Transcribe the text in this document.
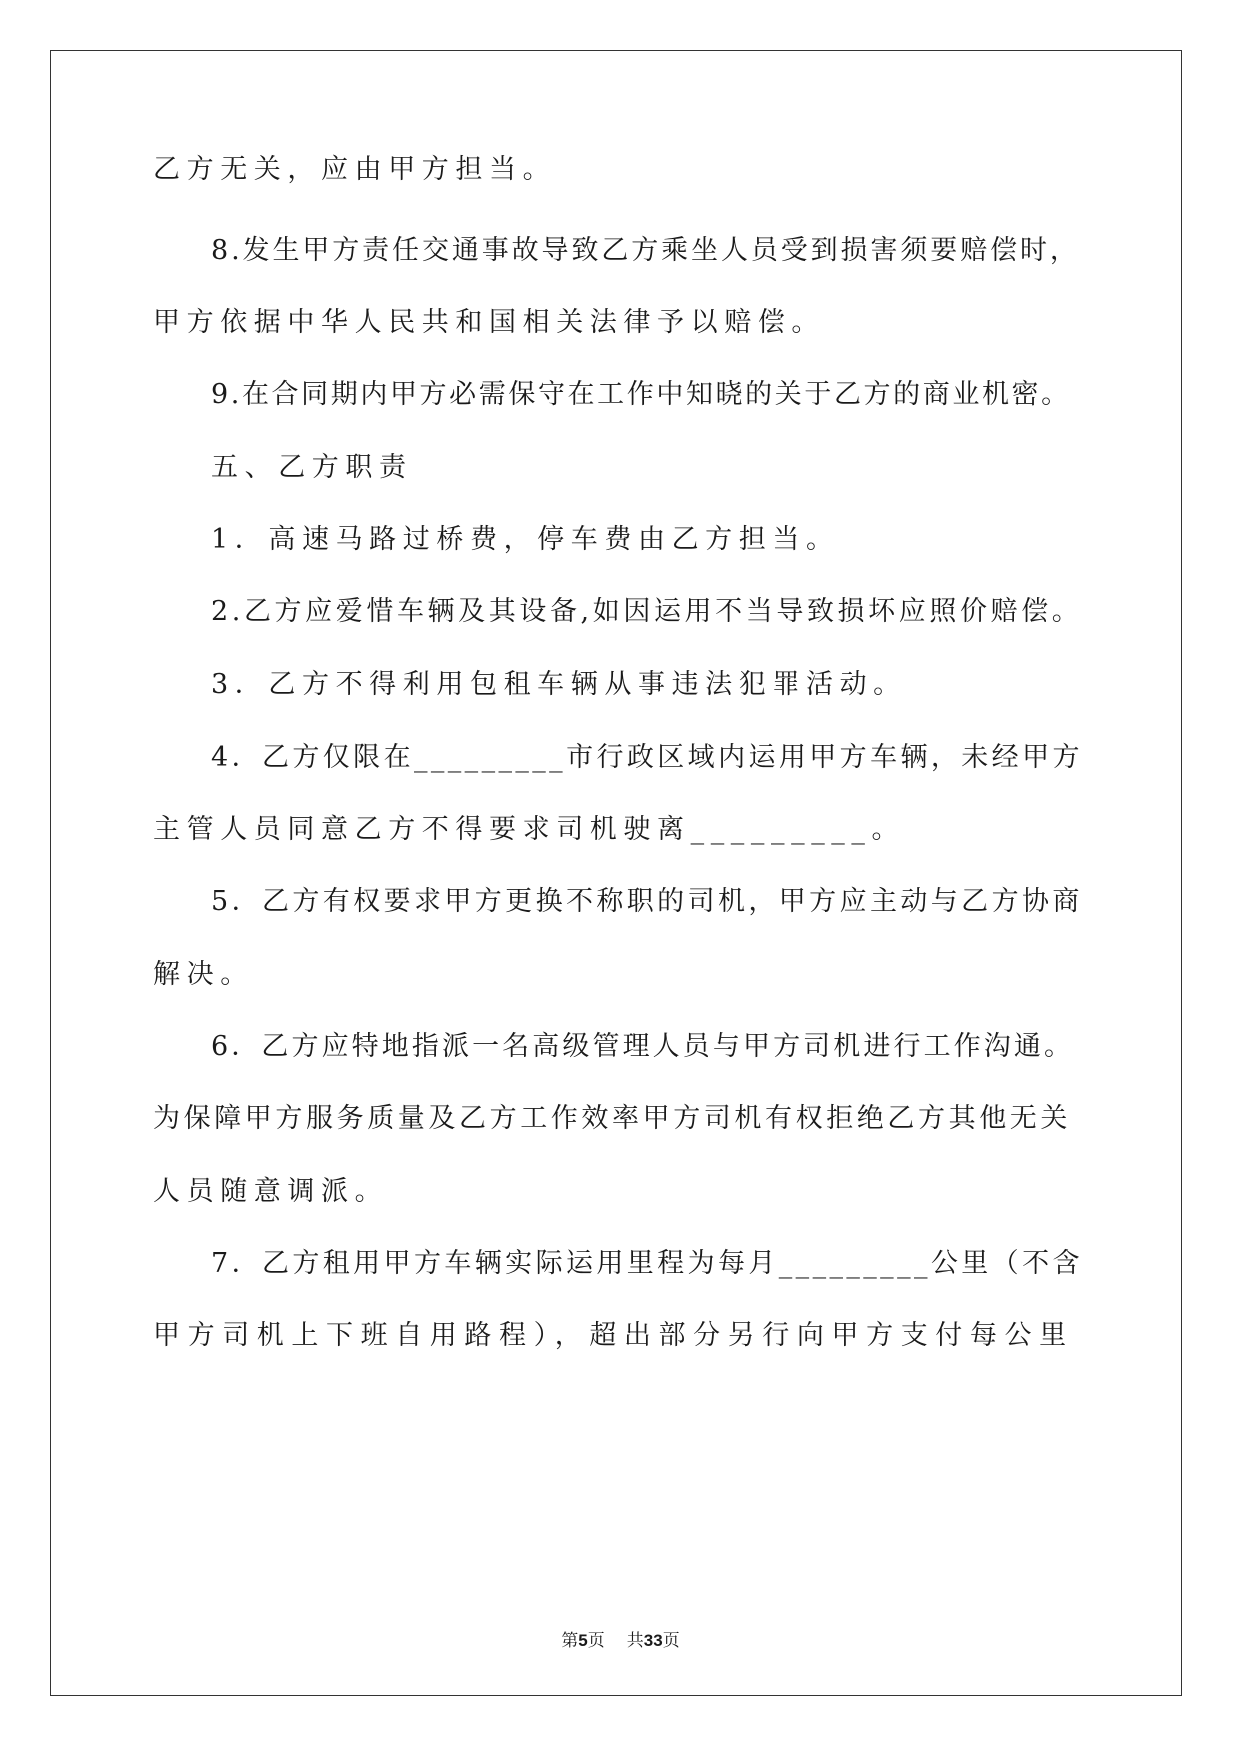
乙方无关，应由甲方担当。
8.发生甲方责任交通事故导致乙方乘坐人员受到损害须要赔偿时，
甲方依据中华人民共和国相关法律予以赔偿。
9.在合同期内甲方必需保守在工作中知晓的关于乙方的商业机密。
五、乙方职责
1．高速马路过桥费，停车费由乙方担当。
2.乙方应爱惜车辆及其设备,如因运用不当导致损坏应照价赔偿。
3．乙方不得利用包租车辆从事违法犯罪活动。
4．乙方仅限在_________市行政区域内运用甲方车辆，未经甲方
主管人员同意乙方不得要求司机驶离_________。
5．乙方有权要求甲方更换不称职的司机，甲方应主动与乙方协商
解决。
6．乙方应特地指派一名高级管理人员与甲方司机进行工作沟通。
为保障甲方服务质量及乙方工作效率甲方司机有权拒绝乙方其他无关
人员随意调派。
7．乙方租用甲方车辆实际运用里程为每月_________公里（不含
甲方司机上下班自用路程），超出部分另行向甲方支付每公里
第5页 共33页
